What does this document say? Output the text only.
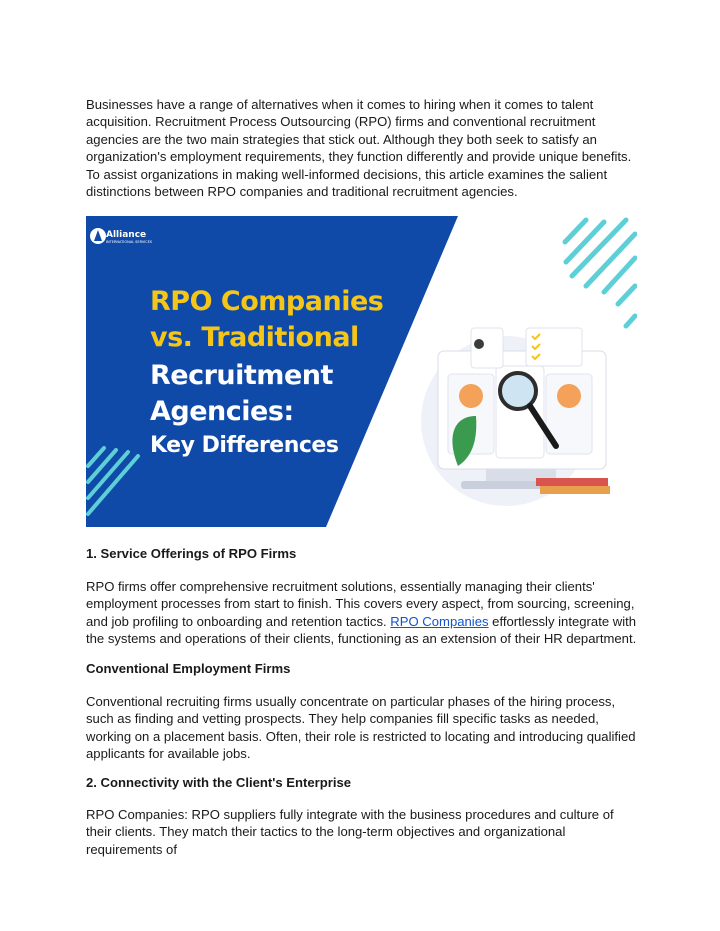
Businesses have a range of alternatives when it comes to hiring when it comes to talent acquisition. Recruitment Process Outsourcing (RPO) firms and conventional recruitment agencies are the two main strategies that stick out. Although they both seek to satisfy an organization's employment requirements, they function differently and provide unique benefits. To assist organizations in making well-informed decisions, this article examines the salient distinctions between RPO companies and traditional recruitment agencies.

Alliance
INTERNATIONAL SERVICES
RPO Companies
vs. Traditional
Recruitment
Agencies:
Key Differences
1. Service Offerings of RPO Firms

RPO firms offer comprehensive recruitment solutions, essentially managing their clients' employment processes from start to finish. This covers every aspect, from sourcing, screening, and job profiling to onboarding and retention tactics. RPO Companies effortlessly integrate with the systems and operations of their clients, functioning as an extension of their HR department.

Conventional Employment Firms

Conventional recruiting firms usually concentrate on particular phases of the hiring process, such as finding and vetting prospects. They help companies fill specific tasks as needed, working on a placement basis. Often, their role is restricted to locating and introducing qualified applicants for available jobs.

2. Connectivity with the Client's Enterprise

RPO Companies: RPO suppliers fully integrate with the business procedures and culture of their clients. They match their tactics to the long-term objectives and organizational requirements of
